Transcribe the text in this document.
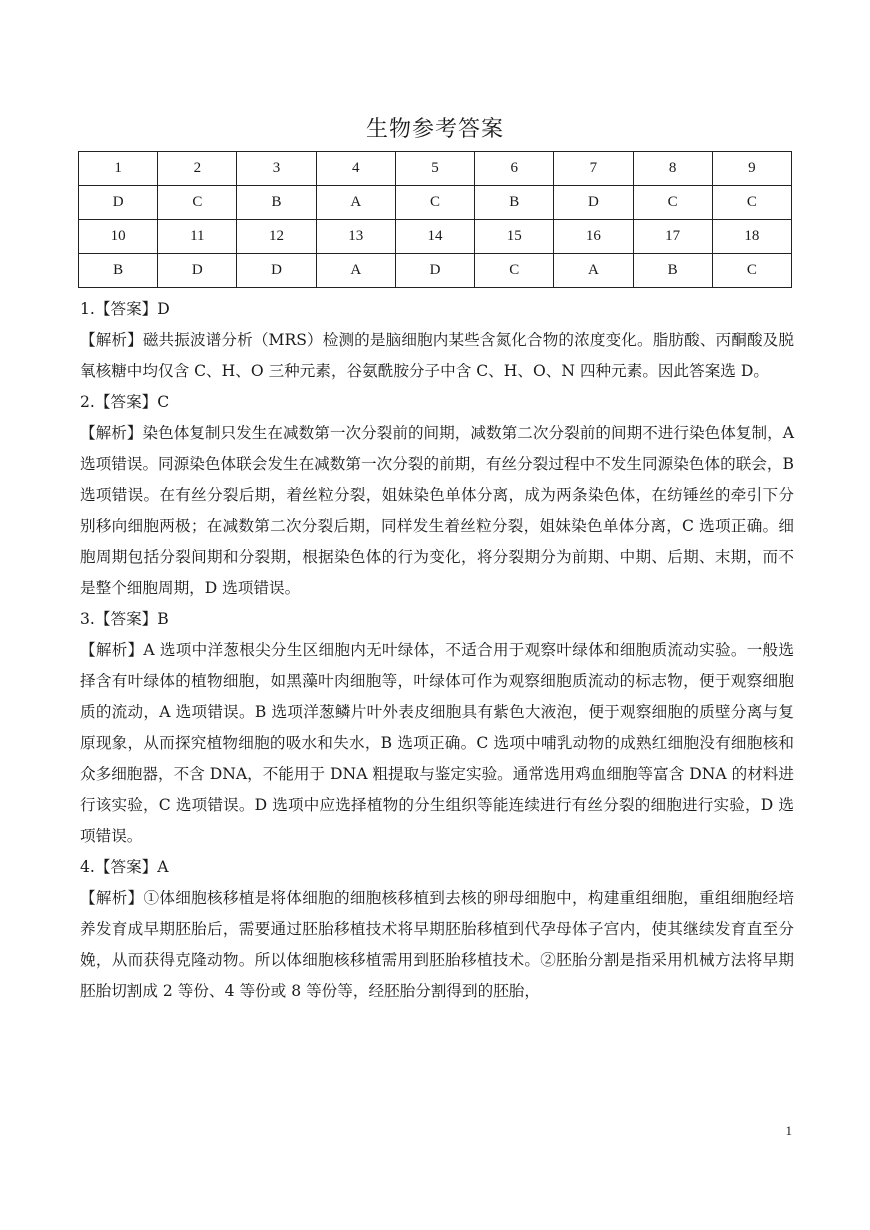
生物参考答案
1	2	3	4	5	6	7	8	9
D	C	B	A	C	B	D	C	C
10	11	12	13	14	15	16	17	18
B	D	D	A	D	C	A	B	C

1.【答案】D

【解析】磁共振波谱分析（MRS）检测的是脑细胞内某些含氮化合物的浓度变化。脂肪酸、丙酮酸及脱氧核糖中均仅含 C、H、O 三种元素，谷氨酰胺分子中含 C、H、O、N 四种元素。因此答案选 D。

2.【答案】C

【解析】染色体复制只发生在减数第一次分裂前的间期，减数第二次分裂前的间期不进行染色体复制，A 选项错误。同源染色体联会发生在减数第一次分裂的前期，有丝分裂过程中不发生同源染色体的联会，B 选项错误。在有丝分裂后期，着丝粒分裂，姐妹染色单体分离，成为两条染色体，在纺锤丝的牵引下分别移向细胞两极；在减数第二次分裂后期，同样发生着丝粒分裂，姐妹染色单体分离，C 选项正确。细胞周期包括分裂间期和分裂期，根据染色体的行为变化，将分裂期分为前期、中期、后期、末期，而不是整个细胞周期，D 选项错误。

3.【答案】B

【解析】A 选项中洋葱根尖分生区细胞内无叶绿体，不适合用于观察叶绿体和细胞质流动实验。一般选择含有叶绿体的植物细胞，如黑藻叶肉细胞等，叶绿体可作为观察细胞质流动的标志物，便于观察细胞质的流动，A 选项错误。B 选项洋葱鳞片叶外表皮细胞具有紫色大液泡，便于观察细胞的质壁分离与复原现象，从而探究植物细胞的吸水和失水，B 选项正确。C 选项中哺乳动物的成熟红细胞没有细胞核和众多细胞器，不含 DNA，不能用于 DNA 粗提取与鉴定实验。通常选用鸡血细胞等富含 DNA 的材料进行该实验，C 选项错误。D 选项中应选择植物的分生组织等能连续进行有丝分裂的细胞进行实验，D 选项错误。

4.【答案】A

【解析】①体细胞核移植是将体细胞的细胞核移植到去核的卵母细胞中，构建重组细胞，重组细胞经培养发育成早期胚胎后，需要通过胚胎移植技术将早期胚胎移植到代孕母体子宫内，使其继续发育直至分娩，从而获得克隆动物。所以体细胞核移植需用到胚胎移植技术。②胚胎分割是指采用机械方法将早期胚胎切割成 2 等份、4 等份或 8 等份等，经胚胎分割得到的胚胎，

1
